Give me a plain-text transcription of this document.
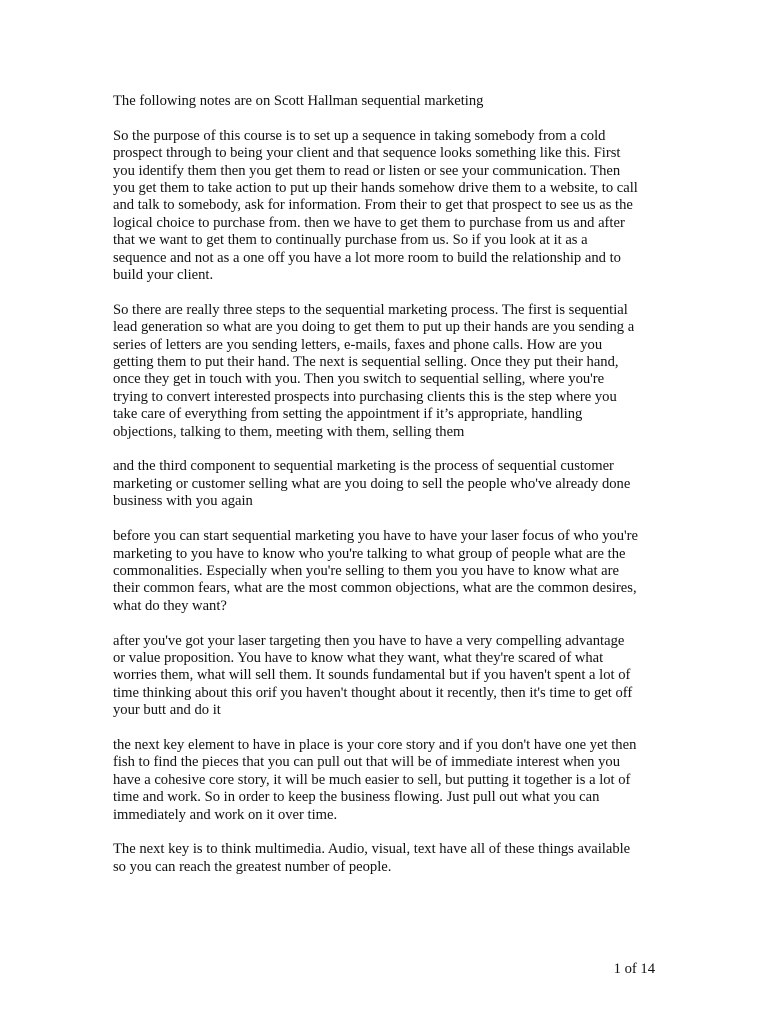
The following notes are on Scott Hallman sequential marketing

So the purpose of this course is to set up a sequence in taking somebody from a cold
prospect through to being your client and that sequence looks something like this. First
you identify them then you get them to read or listen or see your communication. Then
you get them to take action to put up their hands somehow drive them to a website, to call
and talk to somebody, ask for information. From their to get that prospect to see us as the
logical choice to purchase from. then we have to get them to purchase from us and after
that we want to get them to continually purchase from us. So if you look at it as a
sequence and not as a one off you have a lot more room to build the relationship and to
build your client.

So there are really three steps to the sequential marketing process. The first is sequential
lead generation so what are you doing to get them to put up their hands are you sending a
series of letters are you sending letters, e-mails, faxes and phone calls. How are you
getting them to put their hand. The next is sequential selling. Once they put their hand,
once they get in touch with you. Then you switch to sequential selling, where you're
trying to convert interested prospects into purchasing clients this is the step where you
take care of everything from setting the appointment if it’s appropriate, handling
objections, talking to them, meeting with them, selling them

and the third component to sequential marketing is the process of sequential customer
marketing or customer selling what are you doing to sell the people who've already done
business with you again

before you can start sequential marketing you have to have your laser focus of who you're
marketing to you have to know who you're talking to what group of people what are the
commonalities. Especially when you're selling to them you you have to know what are
their common fears, what are the most common objections, what are the common desires,
what do they want?

after you've got your laser targeting then you have to have a very compelling advantage
or value proposition. You have to know what they want, what they're scared of what
worries them, what will sell them. It sounds fundamental but if you haven't spent a lot of
time thinking about this orif you haven't thought about it recently, then it's time to get off
your butt and do it

the next key element to have in place is your core story and if you don't have one yet then
fish to find the pieces that you can pull out that will be of immediate interest when you
have a cohesive core story, it will be much easier to sell, but putting it together is a lot of
time and work. So in order to keep the business flowing. Just pull out what you can
immediately and work on it over time.

The next key is to think multimedia. Audio, visual, text have all of these things available
so you can reach the greatest number of people.

1 of 14
